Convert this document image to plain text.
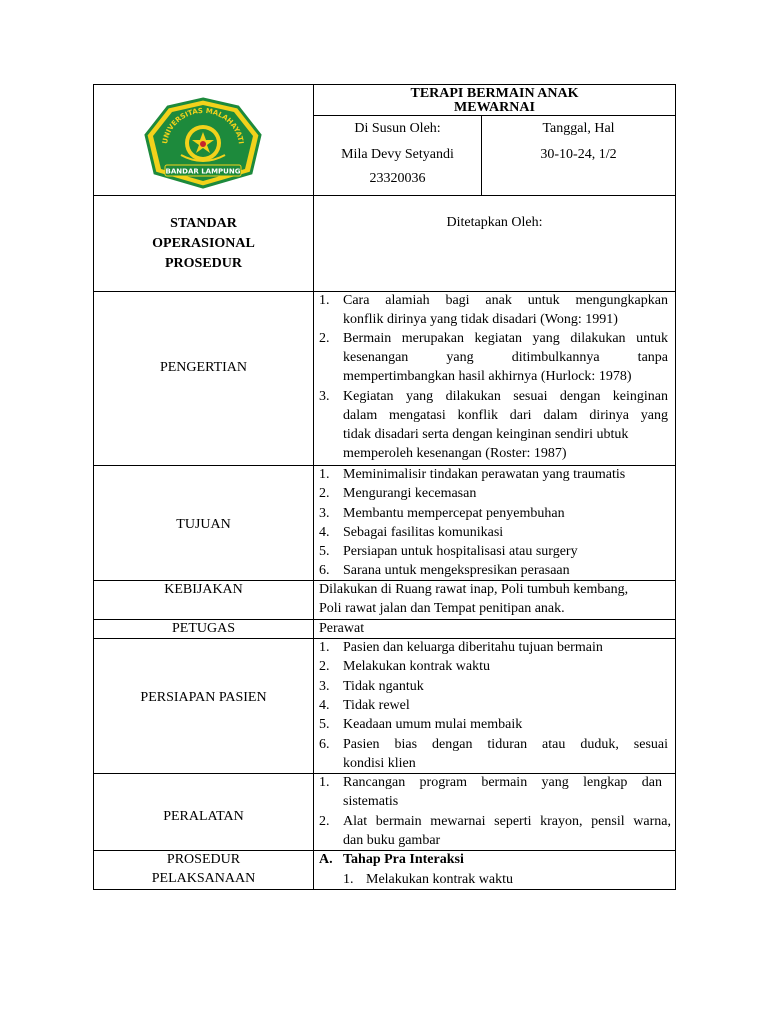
UNIVERSITAS MALAHAYATI
BANDAR LAMPUNG
TERAPI BERMAIN ANAK
MEWARNAI
Di Susun Oleh:
Mila Devy Setyandi
23320036
Tanggal, Hal
30-10-24, 1/2
STANDAR
OPERASIONAL
PROSEDUR
Ditetapkan Oleh:
PENGERTIAN
1. Cara alamiah bagi anak untuk mengungkapkan
konflik dirinya yang tidak disadari (Wong: 1991)
2. Bermain merupakan kegiatan yang dilakukan untuk
kesenangan yang ditimbulkannya tanpa
mempertimbangkan hasil akhirnya (Hurlock: 1978)
3. Kegiatan yang dilakukan sesuai dengan keinginan
dalam mengatasi konflik dari dalam dirinya yang
tidak disadari serta dengan keinginan sendiri ubtuk
memperoleh kesenangan (Roster: 1987)
TUJUAN
1. Meminimalisir tindakan perawatan yang traumatis
2. Mengurangi kecemasan
3. Membantu mempercepat penyembuhan
4. Sebagai fasilitas komunikasi
5. Persiapan untuk hospitalisasi atau surgery
6. Sarana untuk mengekspresikan perasaan
KEBIJAKAN	Dilakukan di Ruang rawat inap, Poli tumbuh kembang,
Poli rawat jalan dan Tempat penitipan anak.
PETUGAS	Perawat
PERSIAPAN PASIEN
1. Pasien dan keluarga diberitahu tujuan bermain
2. Melakukan kontrak waktu
3. Tidak ngantuk
4. Tidak rewel
5. Keadaan umum mulai membaik
6. Pasien bias dengan tiduran atau duduk, sesuai
kondisi klien
PERALATAN
1. Rancangan program bermain yang lengkap dan
sistematis
2. Alat bermain mewarnai seperti krayon, pensil warna,
dan buku gambar
PROSEDUR
PELAKSANAAN
A. Tahap Pra Interaksi
1. Melakukan kontrak waktu
